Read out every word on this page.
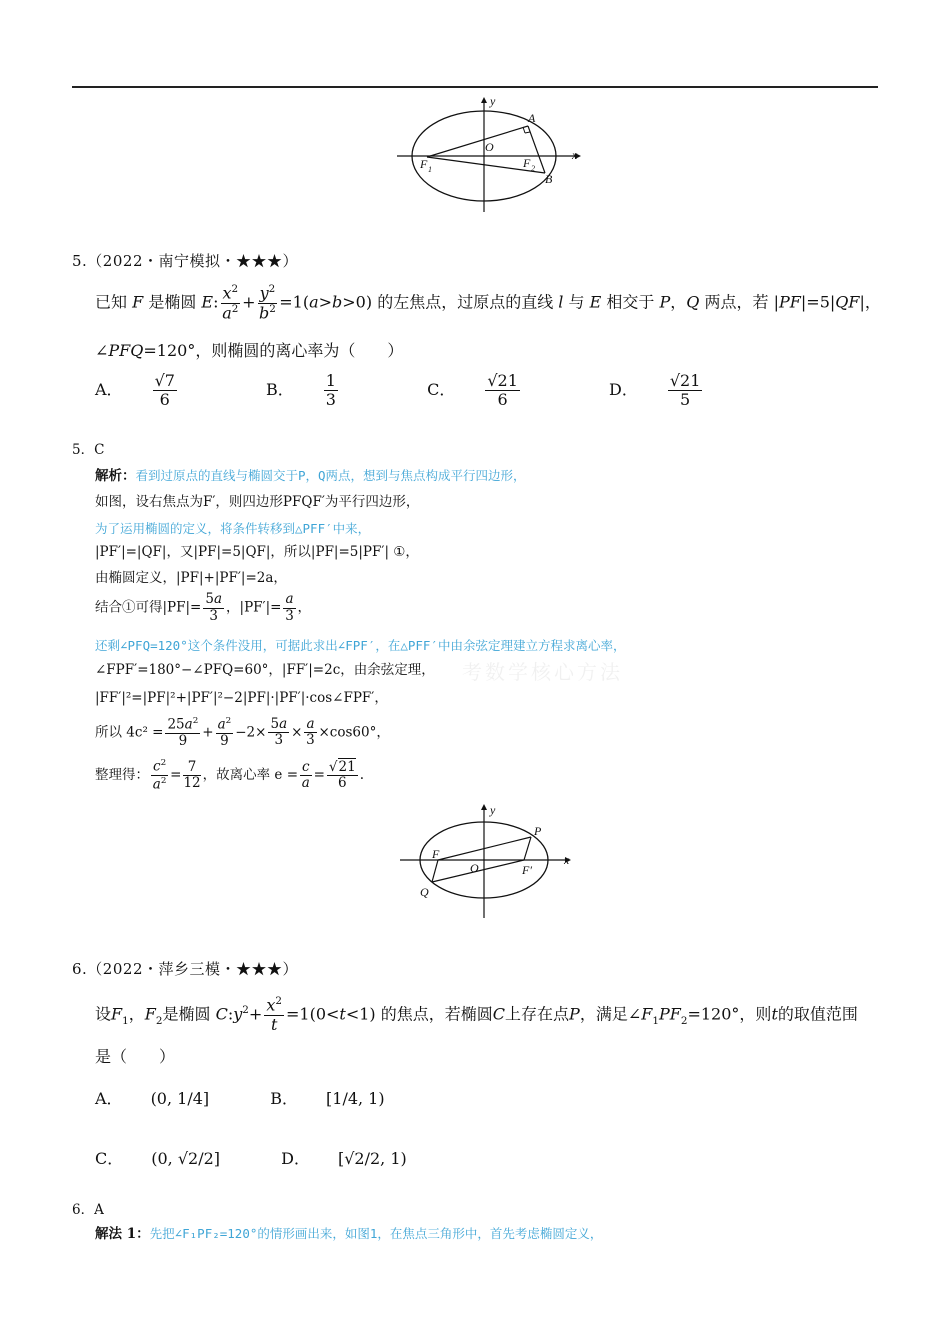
y
x
A
O
F 1	F 2
B
5.（2022・南宁模拟・★★★）
已知 F 是椭圆 E: $\frac{x^2}{a^2} + \frac{y^2}{b^2} =1(a>b>0)$ 的左焦点，过原点的直线 l 与 E 相交于 P，Q 两点，若 |PF|=5|QF|，
∠PFQ=120°，则椭圆的离心率为（　　）
A． $\frac{√7}{6}$	B． $\frac{1}{3}$	C． $\frac{√21}{6}$	D． $\frac{√21}{5}$
5．C
解析：看到过原点的直线与椭圆交于P，Q两点，想到与焦点构成平行四边形，
如图，设右焦点为F′，则四边形PFQF′为平行四边形，
为了运用椭圆的定义，将条件转移到△PFF′中来，
|PF′|=|QF|，又|PF|=5|QF|，所以|PF|=5|PF′| ①，
由椭圆定义，|PF|+|PF′|=2a，
结合①可得$|PF|= \frac{5a}{3}$ ，$|PF'|= \frac{a}{3}$ ，
还剩∠PFQ=120°这个条件没用，可据此求出∠FPF′，在△PFF′中由余弦定理建立方程求离心率，
∠FPF′=180°−∠PFQ=60°，|FF′|=2c，由余弦定理，
|FF′|²=|PF|²+|PF′|²−2|PF|·|PF′|·cos∠FPF′，
所以 $4c^2 = \frac{25a^2}{9} + \frac{a^2}{9} -2\times \frac{5a}{3} \times \frac{a}{3} \times\cos 60^\circ$，
整理得： $\frac{c^2}{a^2} = \frac{7}{12}$ ，故离心率 $e = \frac{c}{a} = \frac{√21}{6}$ .
考数学核心方法
y
x
P
F
O	F′
Q
6.（2022・萍乡三模・★★★）
设$F_1$，$F_2$是椭圆 $C:y^2+ \frac{x^2}{t} =1(0<t<1)$ 的焦点，若椭圆C上存在点P，满足$\angle F_1PF_2=120^\circ$，则t的取值范围
是（　　）
A． (0, 1/4]	B． [1/4, 1)
C． (0, √2/2]	D． [√2/2, 1)
6．A
解法 1：先把∠F₁PF₂=120°的情形画出来，如图1，在焦点三角形中，首先考虑椭圆定义，
